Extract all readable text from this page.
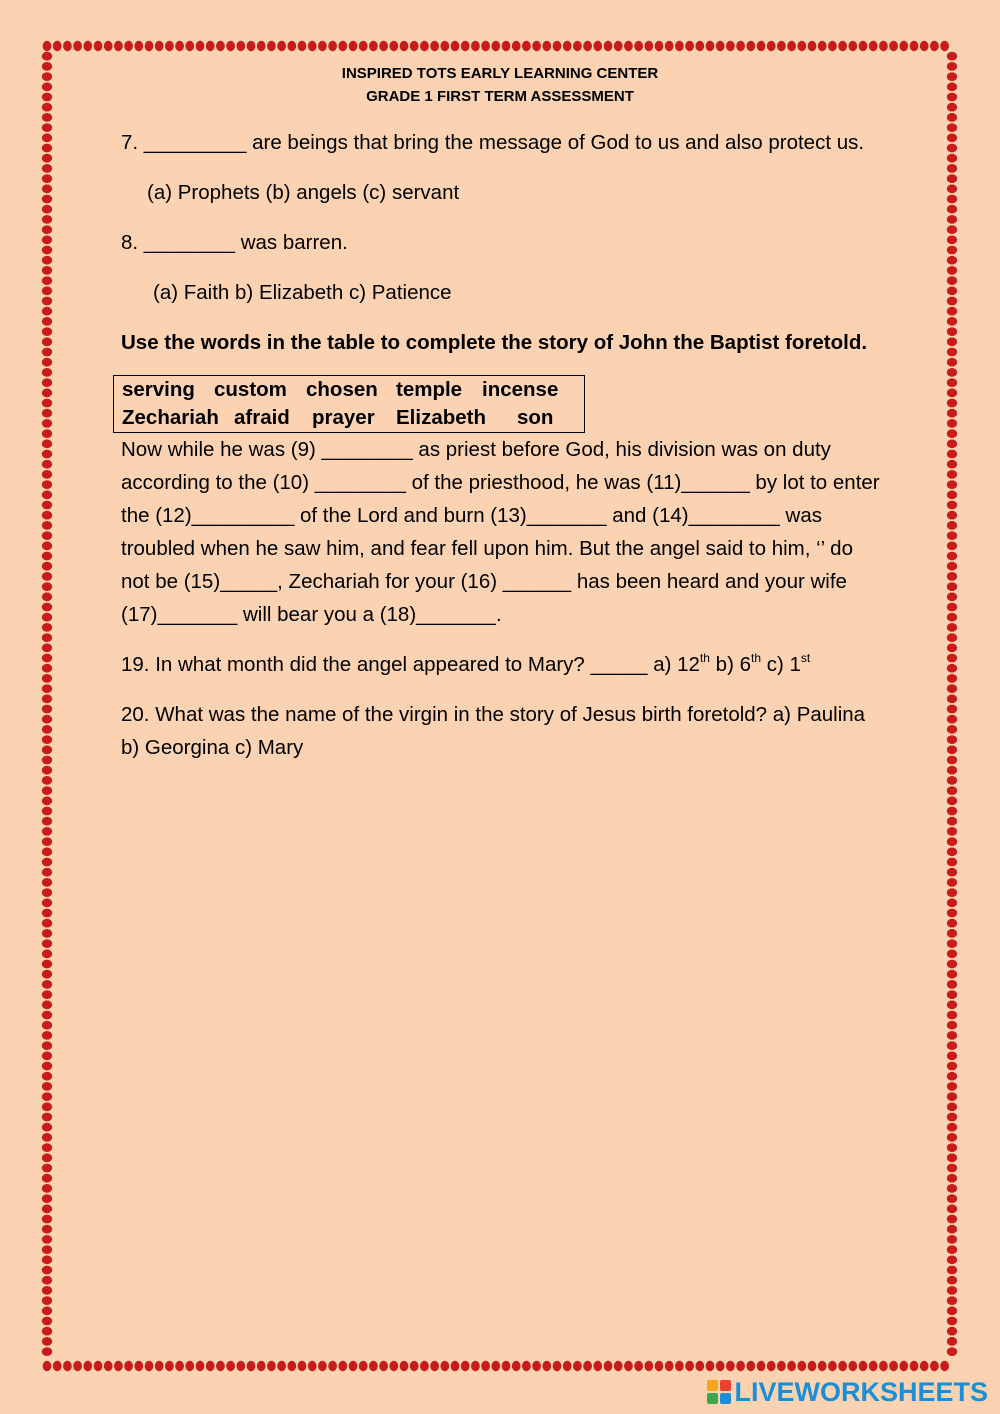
INSPIRED TOTS EARLY LEARNING CENTER
GRADE 1 FIRST TERM ASSESSMENT

7. _________ are beings that bring the message of God to us and also protect us.

(a) Prophets (b) angels (c) servant

8. ________ was barren.

(a) Faith b) Elizabeth c) Patience

Use the words in the table to complete the story of John the Baptist foretold.

serving custom chosen temple incense
Zechariah afraid	prayer	Elizabeth	son

Now while he was (9) ________ as priest before God, his division was on duty according to the (10) ________ of the priesthood, he was (11)______ by lot to enter the (12)_________ of the Lord and burn (13)_______ and (14)________ was troubled when he saw him, and fear fell upon him. But the angel said to him, ‘’ do not be (15)_____, Zechariah for your (16) ______ has been heard and your wife (17)_______ will bear you a (18)_______.

19. In what month did the angel appeared to Mary? _____ a) 12th b) 6th c) 1st

20. What was the name of the virgin in the story of Jesus birth foretold? a) Paulina b) Georgina c) Mary

LIVEWORKSHEETS
